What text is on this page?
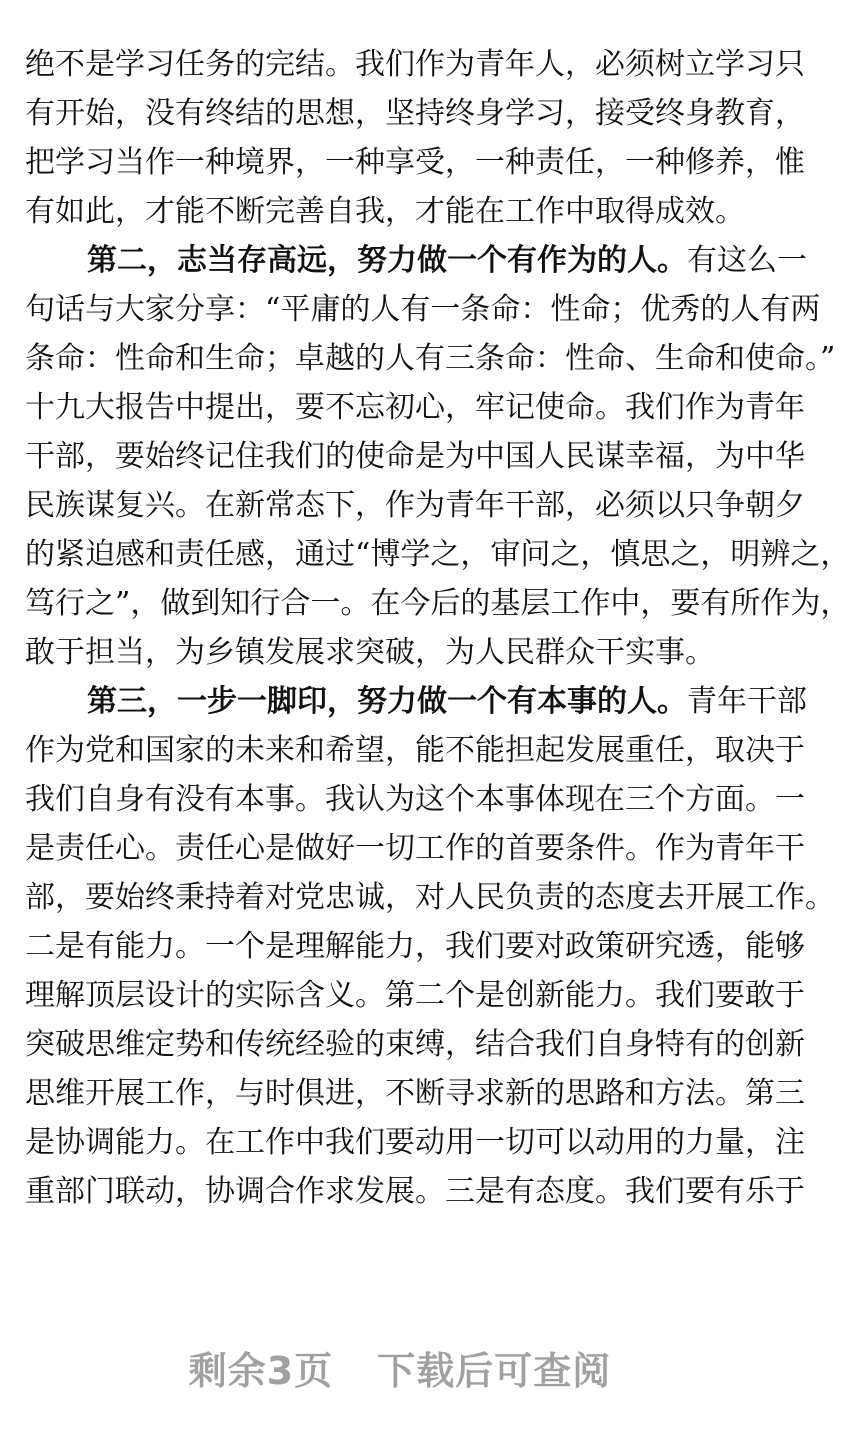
绝不是学习任务的完结。我们作为青年人，必须树立学习只
有开始，没有终结的思想，坚持终身学习，接受终身教育，
把学习当作一种境界，一种享受，一种责任，一种修养，惟
有如此，才能不断完善自我，才能在工作中取得成效。
第二，志当存高远，努力做一个有作为的人。有这么一
句话与大家分享：“平庸的人有一条命：性命；优秀的人有两
条命：性命和生命；卓越的人有三条命：性命、生命和使命。”
十九大报告中提出，要不忘初心，牢记使命。我们作为青年
干部，要始终记住我们的使命是为中国人民谋幸福，为中华
民族谋复兴。在新常态下，作为青年干部，必须以只争朝夕
的紧迫感和责任感，通过“博学之，审问之，慎思之，明辨之，
笃行之”，做到知行合一。在今后的基层工作中，要有所作为，
敢于担当，为乡镇发展求突破，为人民群众干实事。
第三，一步一脚印，努力做一个有本事的人。青年干部
作为党和国家的未来和希望，能不能担起发展重任，取决于
我们自身有没有本事。我认为这个本事体现在三个方面。一
是责任心。责任心是做好一切工作的首要条件。作为青年干
部，要始终秉持着对党忠诚，对人民负责的态度去开展工作。
二是有能力。一个是理解能力，我们要对政策研究透，能够
理解顶层设计的实际含义。第二个是创新能力。我们要敢于
突破思维定势和传统经验的束缚，结合我们自身特有的创新
思维开展工作，与时俱进，不断寻求新的思路和方法。第三
是协调能力。在工作中我们要动用一切可以动用的力量，注
重部门联动，协调合作求发展。三是有态度。我们要有乐于
剩余3页 下载后可查阅
